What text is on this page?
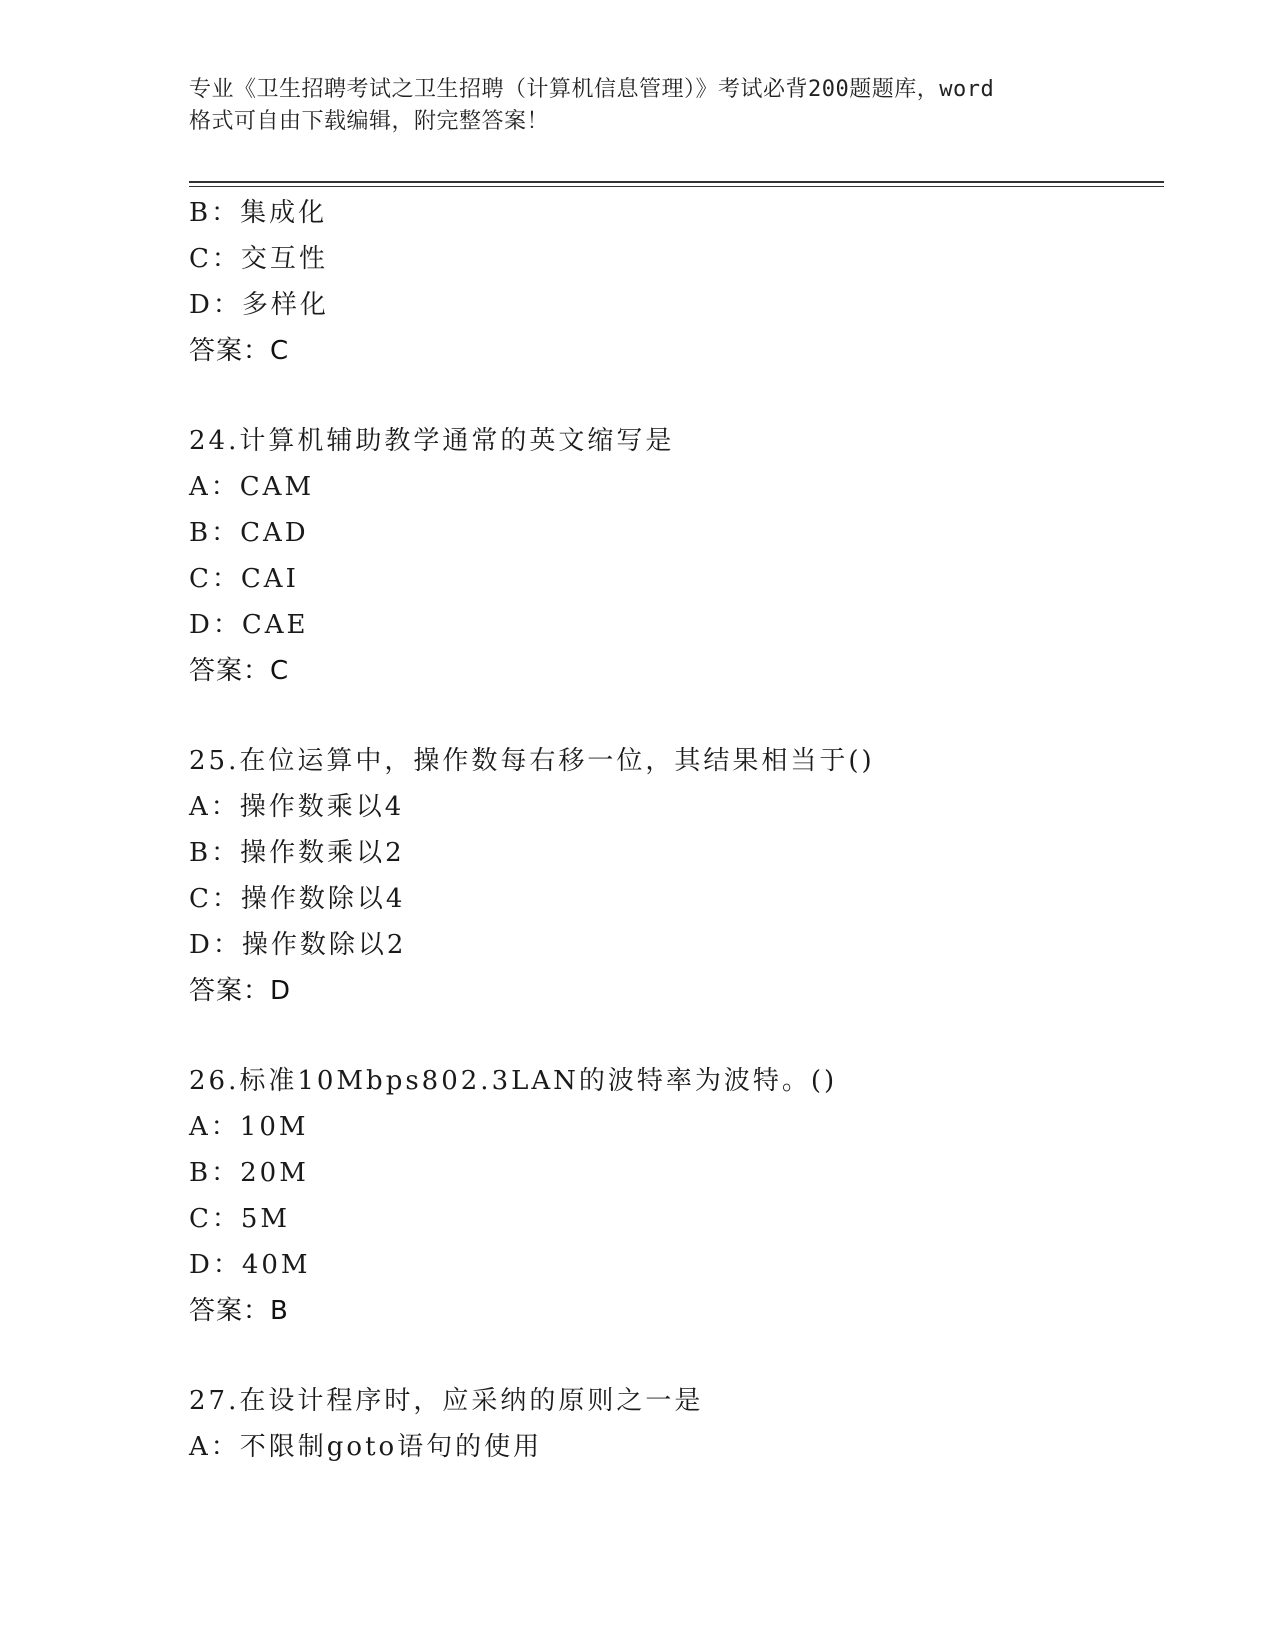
专业《卫生招聘考试之卫生招聘（计算机信息管理）》考试必背200题题库，word
格式可自由下载编辑，附完整答案！
B：集成化
C：交互性
D：多样化
答案：C
24.计算机辅助教学通常的英文缩写是
A：CAM
B：CAD
C：CAI
D：CAE
答案：C
25.在位运算中，操作数每右移一位，其结果相当于()
A：操作数乘以4
B：操作数乘以2
C：操作数除以4
D：操作数除以2
答案：D
26.标准10Mbps802.3LAN的波特率为波特。()
A：10M
B：20M
C：5M
D：40M
答案：B
27.在设计程序时，应采纳的原则之一是
A：不限制goto语句的使用
